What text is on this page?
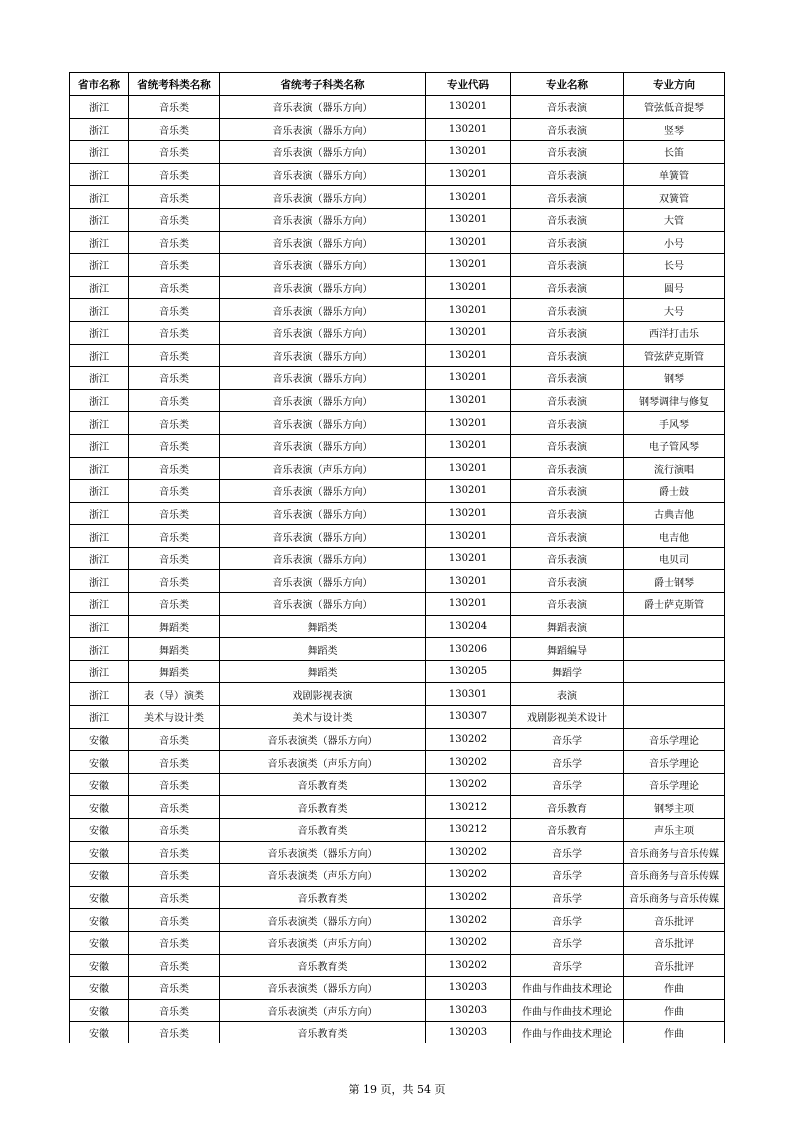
省市名称	省统考科类名称	省统考子科类名称	专业代码	专业名称	专业方向
浙江	音乐类	音乐表演（器乐方向）	130201	音乐表演	管弦低音提琴
浙江	音乐类	音乐表演（器乐方向）	130201	音乐表演	竖琴
浙江	音乐类	音乐表演（器乐方向）	130201	音乐表演	长笛
浙江	音乐类	音乐表演（器乐方向）	130201	音乐表演	单簧管
浙江	音乐类	音乐表演（器乐方向）	130201	音乐表演	双簧管
浙江	音乐类	音乐表演（器乐方向）	130201	音乐表演	大管
浙江	音乐类	音乐表演（器乐方向）	130201	音乐表演	小号
浙江	音乐类	音乐表演（器乐方向）	130201	音乐表演	长号
浙江	音乐类	音乐表演（器乐方向）	130201	音乐表演	圆号
浙江	音乐类	音乐表演（器乐方向）	130201	音乐表演	大号
浙江	音乐类	音乐表演（器乐方向）	130201	音乐表演	西洋打击乐
浙江	音乐类	音乐表演（器乐方向）	130201	音乐表演	管弦萨克斯管
浙江	音乐类	音乐表演（器乐方向）	130201	音乐表演	钢琴
浙江	音乐类	音乐表演（器乐方向）	130201	音乐表演	钢琴调律与修复
浙江	音乐类	音乐表演（器乐方向）	130201	音乐表演	手风琴
浙江	音乐类	音乐表演（器乐方向）	130201	音乐表演	电子管风琴
浙江	音乐类	音乐表演（声乐方向）	130201	音乐表演	流行演唱
浙江	音乐类	音乐表演（器乐方向）	130201	音乐表演	爵士鼓
浙江	音乐类	音乐表演（器乐方向）	130201	音乐表演	古典吉他
浙江	音乐类	音乐表演（器乐方向）	130201	音乐表演	电吉他
浙江	音乐类	音乐表演（器乐方向）	130201	音乐表演	电贝司
浙江	音乐类	音乐表演（器乐方向）	130201	音乐表演	爵士钢琴
浙江	音乐类	音乐表演（器乐方向）	130201	音乐表演	爵士萨克斯管
浙江	舞蹈类	舞蹈类	130204	舞蹈表演	
浙江	舞蹈类	舞蹈类	130206	舞蹈编导	
浙江	舞蹈类	舞蹈类	130205	舞蹈学	
浙江	表（导）演类	戏剧影视表演	130301	表演	
浙江	美术与设计类	美术与设计类	130307	戏剧影视美术设计	
安徽	音乐类	音乐表演类（器乐方向）	130202	音乐学	音乐学理论
安徽	音乐类	音乐表演类（声乐方向）	130202	音乐学	音乐学理论
安徽	音乐类	音乐教育类	130202	音乐学	音乐学理论
安徽	音乐类	音乐教育类	130212	音乐教育	钢琴主项
安徽	音乐类	音乐教育类	130212	音乐教育	声乐主项
安徽	音乐类	音乐表演类（器乐方向）	130202	音乐学	音乐商务与音乐传媒
安徽	音乐类	音乐表演类（声乐方向）	130202	音乐学	音乐商务与音乐传媒
安徽	音乐类	音乐教育类	130202	音乐学	音乐商务与音乐传媒
安徽	音乐类	音乐表演类（器乐方向）	130202	音乐学	音乐批评
安徽	音乐类	音乐表演类（声乐方向）	130202	音乐学	音乐批评
安徽	音乐类	音乐教育类	130202	音乐学	音乐批评
安徽	音乐类	音乐表演类（器乐方向）	130203	作曲与作曲技术理论	作曲
安徽	音乐类	音乐表演类（声乐方向）	130203	作曲与作曲技术理论	作曲
安徽	音乐类	音乐教育类	130203	作曲与作曲技术理论	作曲
第 19 页，共 54 页
